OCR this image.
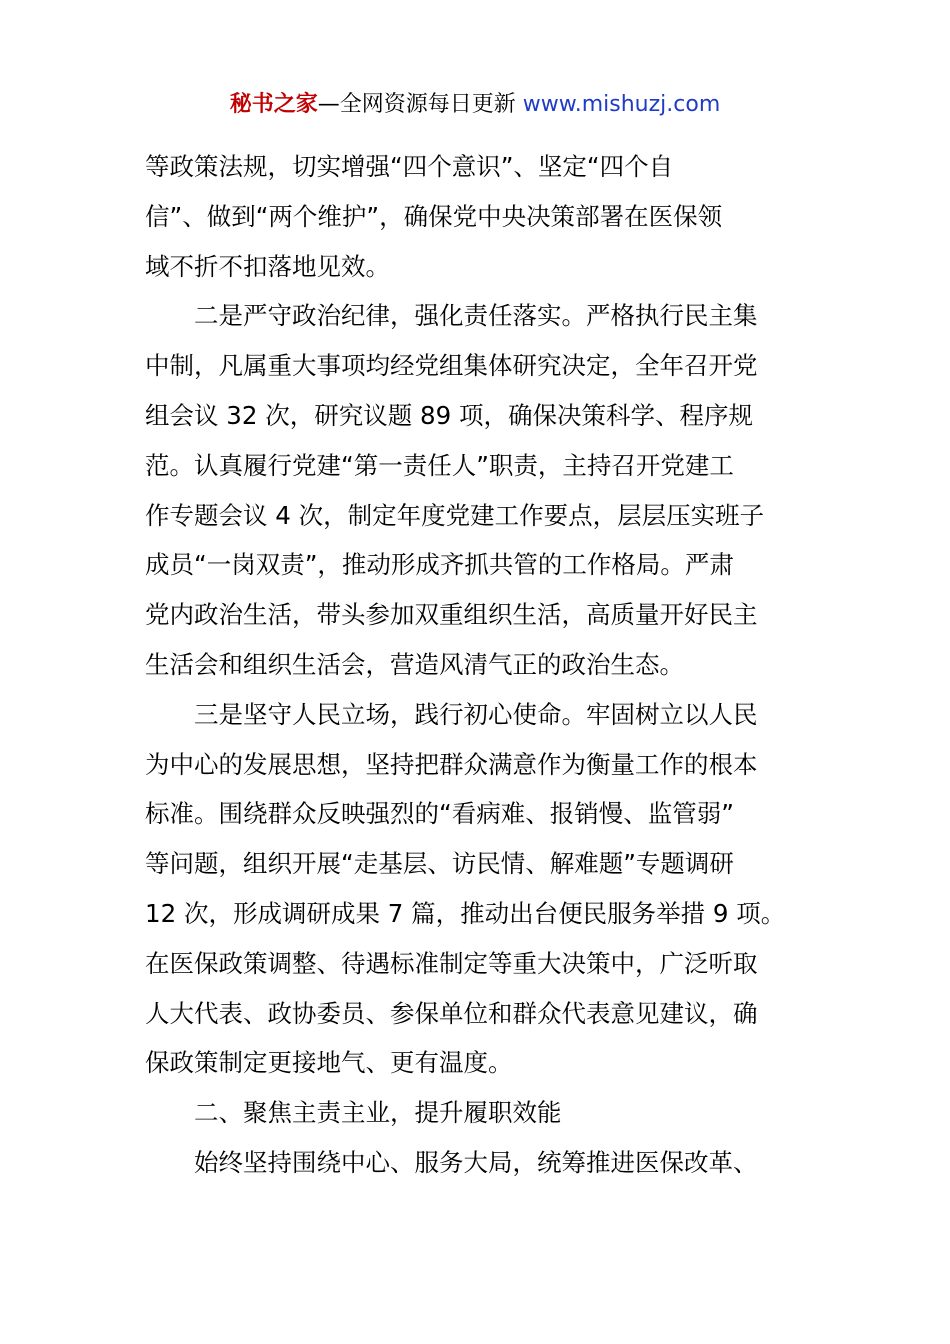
秘书之家—全网资源每日更新 www.mishuzj.com
等政策法规，切实增强“四个意识”、坚定“四个自
信”、做到“两个维护”，确保党中央决策部署在医保领
域不折不扣落地见效。
二是严守政治纪律，强化责任落实。严格执行民主集
中制，凡属重大事项均经党组集体研究决定，全年召开党
组会议 32 次，研究议题 89 项，确保决策科学、程序规
范。认真履行党建“第一责任人”职责，主持召开党建工
作专题会议 4 次，制定年度党建工作要点，层层压实班子
成员“一岗双责”，推动形成齐抓共管的工作格局。严肃
党内政治生活，带头参加双重组织生活，高质量开好民主
生活会和组织生活会，营造风清气正的政治生态。
三是坚守人民立场，践行初心使命。牢固树立以人民
为中心的发展思想，坚持把群众满意作为衡量工作的根本
标准。围绕群众反映强烈的“看病难、报销慢、监管弱”
等问题，组织开展“走基层、访民情、解难题”专题调研
12 次，形成调研成果 7 篇，推动出台便民服务举措 9 项。
在医保政策调整、待遇标准制定等重大决策中，广泛听取
人大代表、政协委员、参保单位和群众代表意见建议，确
保政策制定更接地气、更有温度。
二、聚焦主责主业，提升履职效能
始终坚持围绕中心、服务大局，统筹推进医保改革、
